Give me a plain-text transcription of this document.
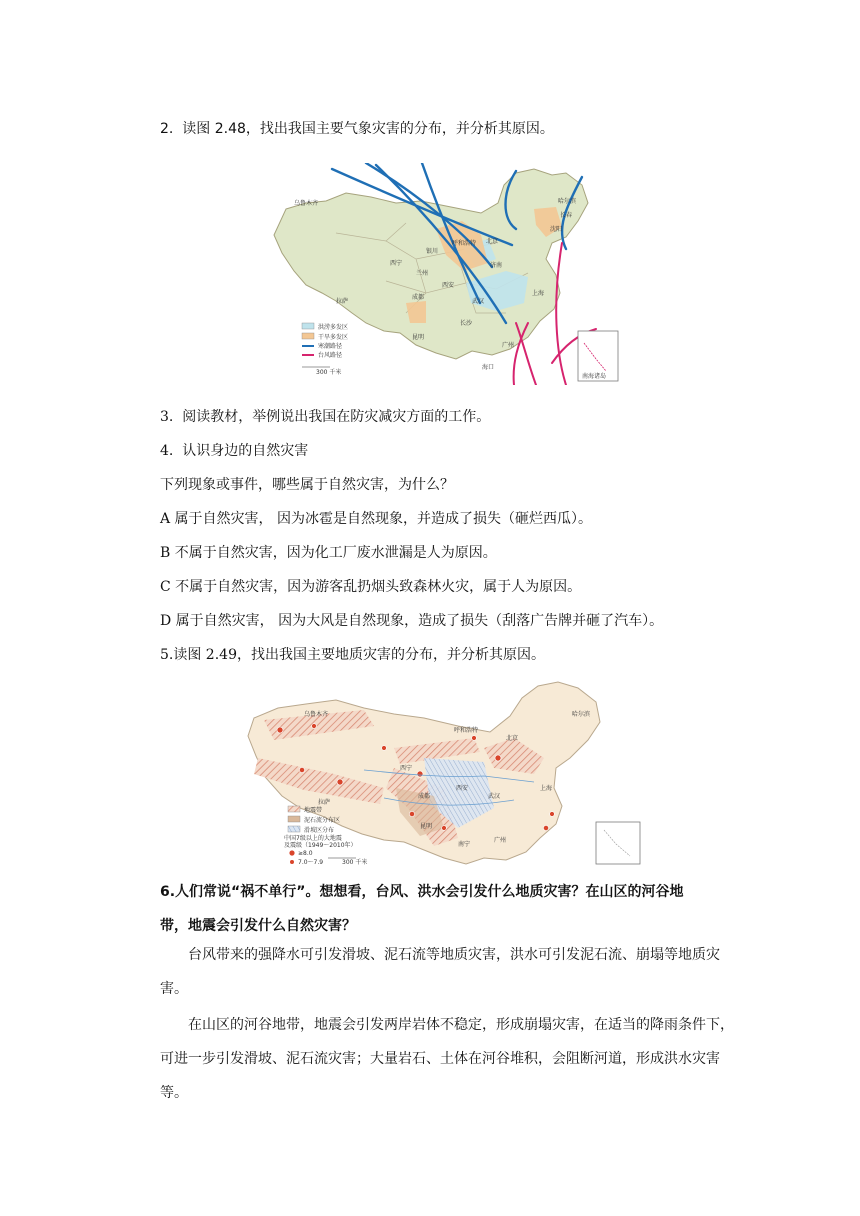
2. 读图 2.48，找出我国主要气象灾害的分布，并分析其原因。
乌鲁木齐	哈尔滨
长春
沈阳
呼和浩特 北京
银川
西宁
兰州
济南
西安
武汉
上海
拉萨
成都
长沙
昆明
广州
海口
洪涝多发区
干旱多发区
寒潮路径
台风路径
300 千米
南海诸岛
3. 阅读教材，举例说出我国在防灾减灾方面的工作。
4. 认识身边的自然灾害
下列现象或事件，哪些属于自然灾害，为什么？
A 属于自然灾害， 因为冰雹是自然现象，并造成了损失（砸烂西瓜）。
B 不属于自然灾害，因为化工厂废水泄漏是人为原因。
C 不属于自然灾害，因为游客乱扔烟头致森林火灾，属于人为原因。
D 属于自然灾害， 因为大风是自然现象，造成了损失（刮落广告牌并砸了汽车）。
5.读图 2.49，找出我国主要地质灾害的分布，并分析其原因。
乌鲁木齐	哈尔滨
呼和浩特
北京
西宁
西安	上海
拉萨
成都	武汉
昆明
南宁
广州
地震带
泥石流分布区
滑坡区分布
中国7级以上的大地震
及震级（1949～2010年）
≥8.0
7.0～7.9	300 千米
6.人们常说“祸不单行”。想想看，台风、洪水会引发什么地质灾害？在山区的河谷地
带，地震会引发什么自然灾害？
台风带来的强降水可引发滑坡、泥石流等地质灾害，洪水可引发泥石流、崩塌等地质灾害。
在山区的河谷地带，地震会引发两岸岩体不稳定，形成崩塌灾害，在适当的降雨条件下，可进一步引发滑坡、泥石流灾害；大量岩石、土体在河谷堆积，会阻断河道，形成洪水灾害等。
